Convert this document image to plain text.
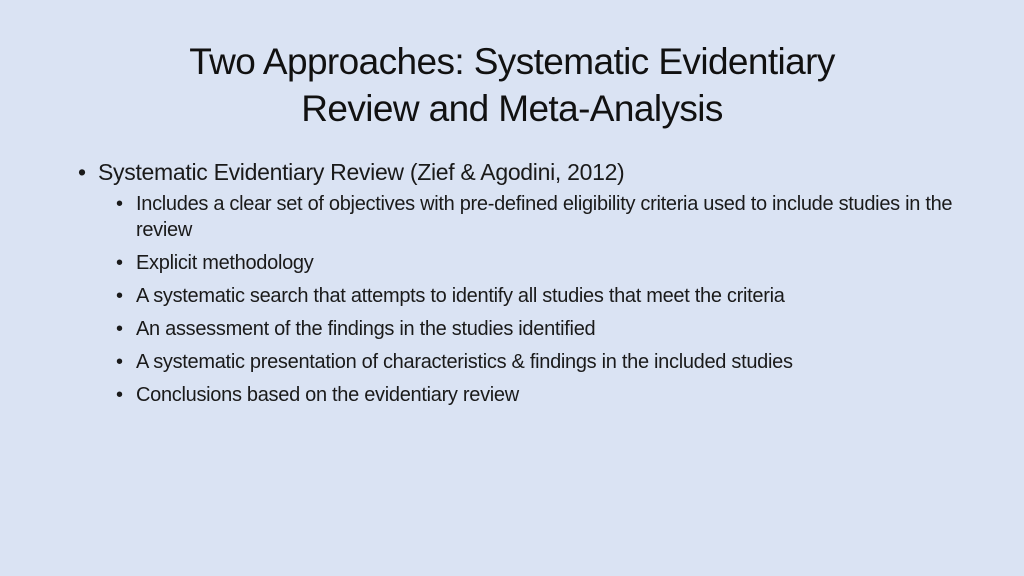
Two Approaches: Systematic Evidentiary
Review and Meta-Analysis
• Systematic Evidentiary Review (Zief & Agodini, 2012)
• Includes a clear set of objectives with pre-defined eligibility criteria used to include studies in the review
• Explicit methodology
• A systematic search that attempts to identify all studies that meet the criteria
• An assessment of the findings in the studies identified
• A systematic presentation of characteristics & findings in the included studies
• Conclusions based on the evidentiary review
